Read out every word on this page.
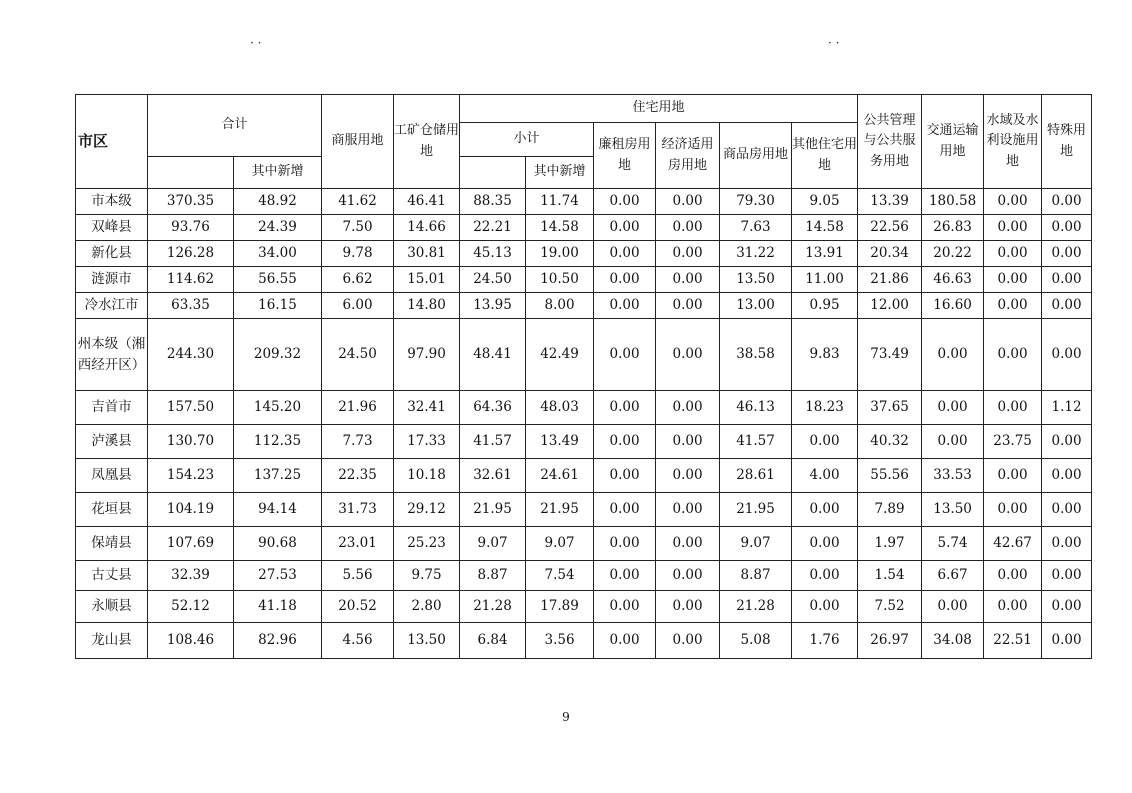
· ·	· ·
市区	合计		商服用地	工矿仓储用地	住宅用地						公共管理与公共服务用地	交通运输用地	水域及水利设施用地	特殊用地
					小计		廉租房用地	经济适用房用地	商品房用地	其他住宅用地				
		其中新增				其中新增								
市本级	370.35	48.92	41.62	46.41	88.35	11.74	0.00	0.00	79.30	9.05	13.39	180.58	0.00	0.00
双峰县	93.76	24.39	7.50	14.66	22.21	14.58	0.00	0.00	7.63	14.58	22.56	26.83	0.00	0.00
新化县	126.28	34.00	9.78	30.81	45.13	19.00	0.00	0.00	31.22	13.91	20.34	20.22	0.00	0.00
涟源市	114.62	56.55	6.62	15.01	24.50	10.50	0.00	0.00	13.50	11.00	21.86	46.63	0.00	0.00
冷水江市	63.35	16.15	6.00	14.80	13.95	8.00	0.00	0.00	13.00	0.95	12.00	16.60	0.00	0.00
州本级（湘西经开区）	244.30	209.32	24.50	97.90	48.41	42.49	0.00	0.00	38.58	9.83	73.49	0.00	0.00	0.00
吉首市	157.50	145.20	21.96	32.41	64.36	48.03	0.00	0.00	46.13	18.23	37.65	0.00	0.00	1.12
泸溪县	130.70	112.35	7.73	17.33	41.57	13.49	0.00	0.00	41.57	0.00	40.32	0.00	23.75	0.00
凤凰县	154.23	137.25	22.35	10.18	32.61	24.61	0.00	0.00	28.61	4.00	55.56	33.53	0.00	0.00
花垣县	104.19	94.14	31.73	29.12	21.95	21.95	0.00	0.00	21.95	0.00	7.89	13.50	0.00	0.00
保靖县	107.69	90.68	23.01	25.23	9.07	9.07	0.00	0.00	9.07	0.00	1.97	5.74	42.67	0.00
古丈县	32.39	27.53	5.56	9.75	8.87	7.54	0.00	0.00	8.87	0.00	1.54	6.67	0.00	0.00
永顺县	52.12	41.18	20.52	2.80	21.28	17.89	0.00	0.00	21.28	0.00	7.52	0.00	0.00	0.00
龙山县	108.46	82.96	4.56	13.50	6.84	3.56	0.00	0.00	5.08	1.76	26.97	34.08	22.51	0.00
9
